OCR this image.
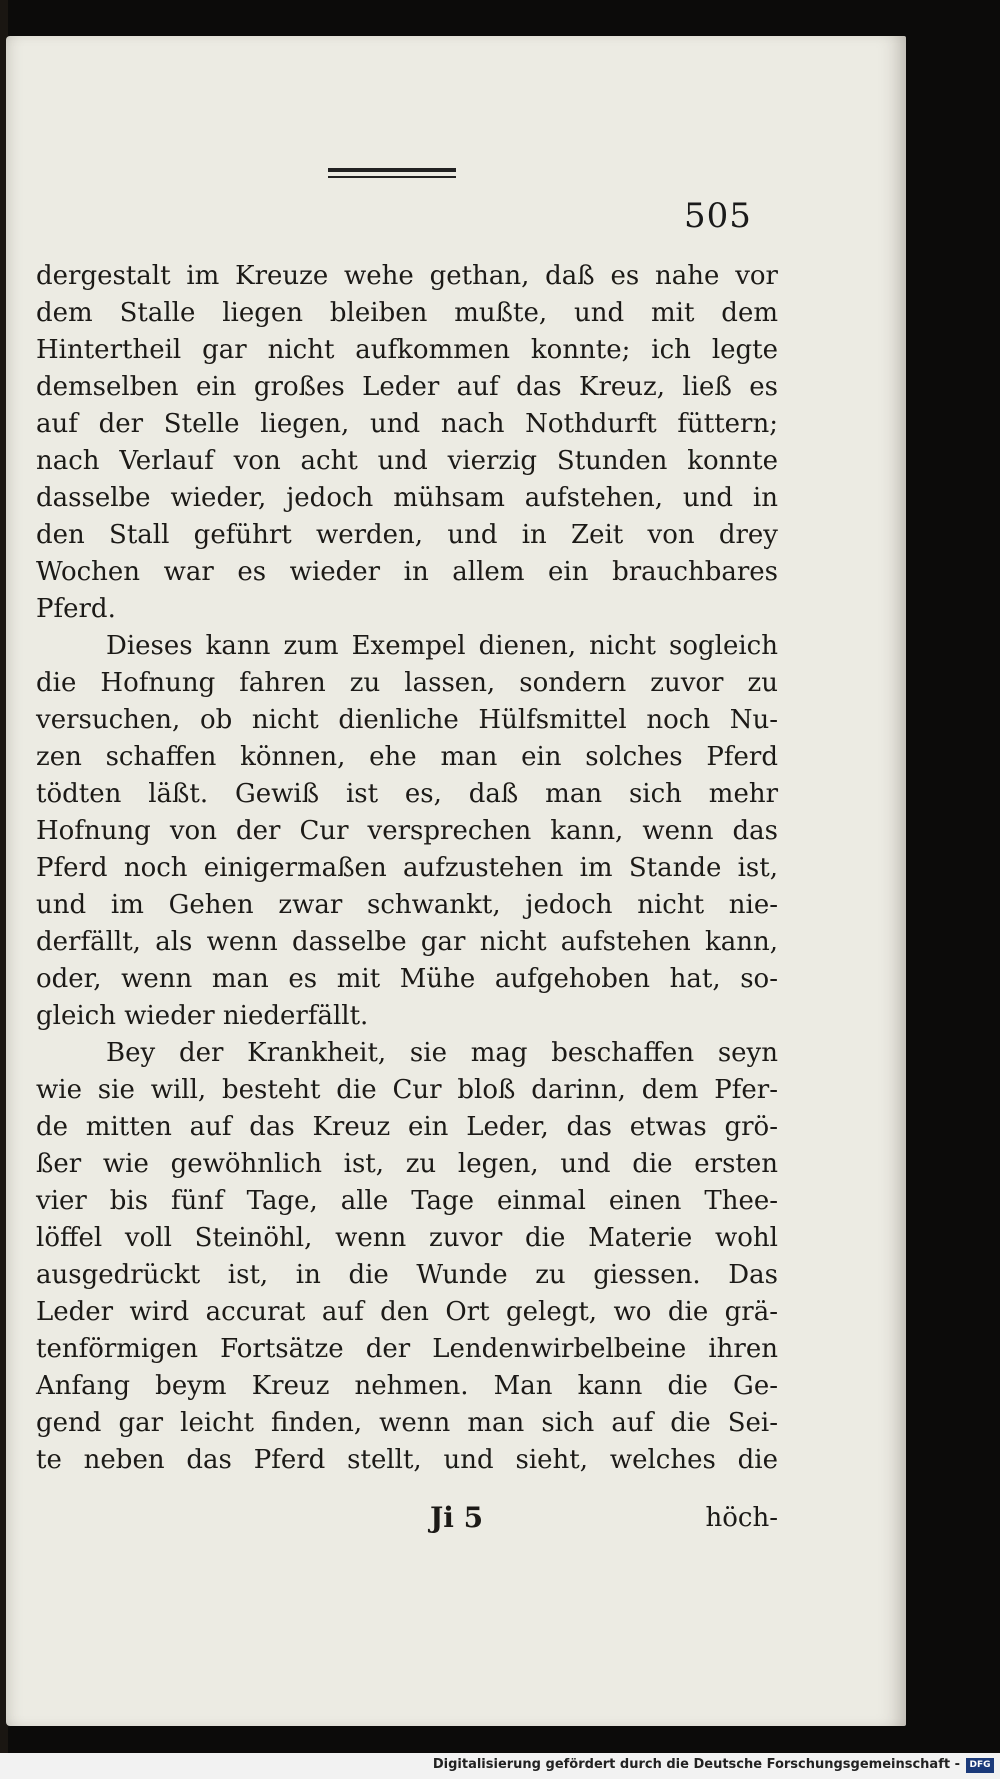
505
dergestalt im Kreuze wehe gethan, daß es nahe vor
dem Stalle liegen bleiben mußte, und mit dem
Hintertheil gar nicht aufkommen konnte; ich legte
demselben ein großes Leder auf das Kreuz, ließ es
auf der Stelle liegen, und nach Nothdurft füttern;
nach Verlauf von acht und vierzig Stunden konnte
dasselbe wieder, jedoch mühsam aufstehen, und in
den Stall geführt werden, und in Zeit von drey
Wochen war es wieder in allem ein brauchbares
Pferd.
Dieses kann zum Exempel dienen, nicht sogleich
die Hofnung fahren zu lassen, sondern zuvor zu
versuchen, ob nicht dienliche Hülfsmittel noch Nu-
zen schaffen können, ehe man ein solches Pferd
tödten läßt. Gewiß ist es, daß man sich mehr
Hofnung von der Cur versprechen kann, wenn das
Pferd noch einigermaßen aufzustehen im Stande ist,
und im Gehen zwar schwankt, jedoch nicht nie-
derfällt, als wenn dasselbe gar nicht aufstehen kann,
oder, wenn man es mit Mühe aufgehoben hat, so-
gleich wieder niederfällt.
Bey der Krankheit, sie mag beschaffen seyn
wie sie will, besteht die Cur bloß darinn, dem Pfer-
de mitten auf das Kreuz ein Leder, das etwas grö-
ßer wie gewöhnlich ist, zu legen, und die ersten
vier bis fünf Tage, alle Tage einmal einen Thee-
löffel voll Steinöhl, wenn zuvor die Materie wohl
ausgedrückt ist, in die Wunde zu giessen. Das
Leder wird accurat auf den Ort gelegt, wo die grä-
tenförmigen Fortsätze der Lendenwirbelbeine ihren
Anfang beym Kreuz nehmen. Man kann die Ge-
gend gar leicht finden, wenn man sich auf die Sei-
te neben das Pferd stellt, und sieht, welches die
Ji 5	höch-
Digitalisierung gefördert durch die Deutsche Forschungsgemeinschaft -	DFG
